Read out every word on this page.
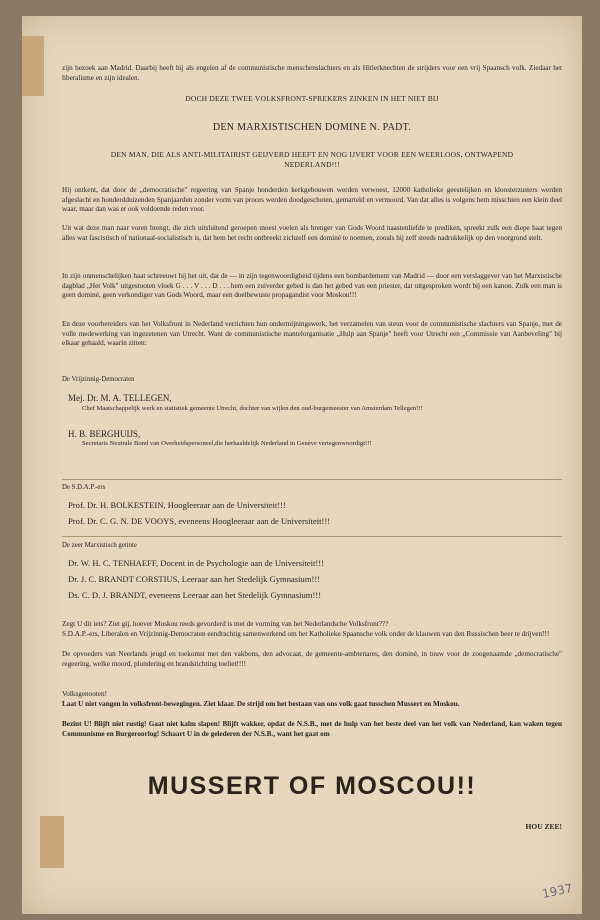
zijn bezoek aan Madrid. Daarbij heeft hij als engelen af de communistische menschenslachters en als Hitlerknechten de strijders voor een vrij Spaansch volk. Ziedaar het liberalisme en zijn idealen.

DOCH DEZE TWEE VOLKSFRONT-SPREKERS ZINKEN IN HET NIET BIJ

DEN MARXISTISCHEN DOMINE N. PADT.

DEN MAN, DIE ALS ANTI-MILITAIRIST GEIJVERD HEEFT EN NOG IJVERT VOOR EEN WEERLOOS, ONTWAPEND NEDERLAND!!!

Hij ontkent, dat door de „democratische" regeering van Spanje honderden kerkgebouwen werden verwoest, 12000 katholieke geestelijken en kloosterzusters werden afgeslacht en honderdduizenden Spanjaarden zonder vorm van proces werden doodgeschoten, gemarteld en vermoord. Van dat alles is volgens hem misschien een klein deel waar, maar dan was er ook voldoende reden voor.

Uit wat deze man naar voren brengt, die zich uitsluitend geroepen moest voelen als brenger van Gods Woord naastenliefde te prediken, spreekt zulk een diepe haat tegen alles wat fascistisch of nationaal-socialistisch is, dat hem het recht ontbreekt zichzelf een dominé te noemen, zooals hij zelf steeds nadrukkelijk op den voorgrond stelt.

In zijn onmenschelijken haat schreeuwt hij het uit, dat de — in zijn tegenwoordigheid tijdens een bombardement van Madrid — door een verslaggever van het Marxistische dagblad „Het Volk" uitgestooten vloek G . . . V . . . D . . . hem een zuiverder gebed is dan het gebed van een priester, dat uitgesproken wordt bij een kanon. Zulk een man is geen dominé, geen verkondiger van Gods Woord, maar een doelbewuste propagandist voor Moskou!!!

En deze voorbereiders van het Volksfront in Nederland verrichten hun ondermijningswerk, het verzamelen van steun voor de communistische slachters van Spanje, met de volle medewerking van ingezetenen van Utrecht. Want de communistische mantelorganisatie „Hulp aan Spanje" heeft voor Utrecht een „Commissie van Aanbeveling" bij elkaar gehaald, waarin zitten:

De Vrijzinnig-Democraten

Mej. Dr. M. A. TELLEGEN,

Chef Maatschappelijk werk en statistiek gemeente Utrecht, dochter van wijlen den oud-burgemeester van Amsterdam Tellegen!!!

H. B. BERGHUIJS,

Secretaris Neutrale Bond van Overheidspersoneel,die herhaaldelijk Nederland in Genève vertegenwoordigt!!!

De S.D.A.P.-ers

Prof. Dr. H. BOLKESTEIN, Hoogleeraar aan de Universiteit!!!

Prof. Dr. C. G. N. DE VOOYS, eveneens Hoogleeraar aan de Universiteit!!!

De zeer Marxistisch getinte

Dr. W. H. C. TENHAEFF, Docent in de Psychologie aan de Universiteit!!!

Dr. J. C. BRANDT CORSTIUS, Leeraar aan het Stedelijk Gymnasium!!!

Ds. C. D. J. BRANDT, eveneens Leeraar aan het Stedelijk Gymnasium!!!

Zegt U dit iets? Ziet gij, hoever Moskou reeds gevorderd is met de vorming van het Nederlandsche Volksfront???

S.D.A.P.-ers, Liberalen en Vrijzinnig-Democraten eendrachtig samenwerkend om het Katholieke Spaansche volk onder de klauwen van den Russischen beer te drijven!!!

De opvoeders van Neerlands jeugd en toekomst met den vakbons, den advocaat, de gemeente-ambtenares, den dominé, in touw voor de zoogenaamde „democratische" regeering, welke moord, plundering en brandstichting toeliet!!!!

Volksgenooten!

Laat U niet vangen in volksfront-bewegingen. Ziet klaar. De strijd om het bestaan van ons volk gaat tusschen Mussert en Moskou.

Bezint U! Blijft niet rustig! Gaat niet kalm slapen! Blijft wakker, opdat de N.S.B., met de hulp van het beste deel van het volk van Nederland, kan waken tegen Communisme en Burgeroorlog! Schaart U in de gelederen der N.S.B., want het gaat om

MUSSERT OF MOSCOU!!

HOU ZEE!

1937
